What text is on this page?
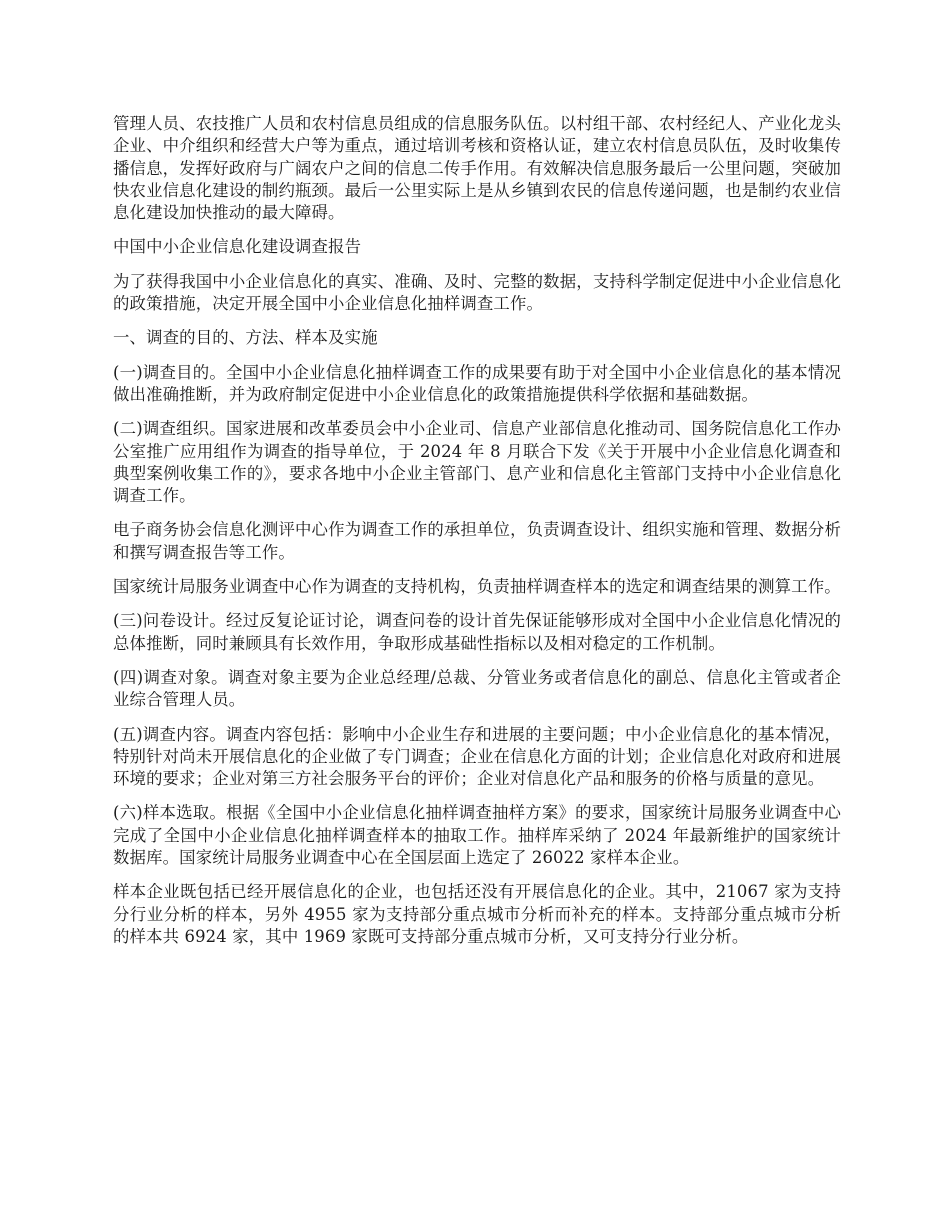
管理人员、农技推广人员和农村信息员组成的信息服务队伍。以村组干部、农村经纪人、产业化龙头企业、中介组织和经营大户等为重点，通过培训考核和资格认证，建立农村信息员队伍，及时收集传播信息，发挥好政府与广阔农户之间的信息二传手作用。有效解决信息服务最后一公里问题，突破加快农业信息化建设的制约瓶颈。最后一公里实际上是从乡镇到农民的信息传递问题，也是制约农业信息化建设加快推动的最大障碍。

中国中小企业信息化建设调查报告

为了获得我国中小企业信息化的真实、准确、及时、完整的数据，支持科学制定促进中小企业信息化的政策措施，决定开展全国中小企业信息化抽样调查工作。

一、调查的目的、方法、样本及实施

(一)调查目的。全国中小企业信息化抽样调查工作的成果要有助于对全国中小企业信息化的基本情况做出准确推断，并为政府制定促进中小企业信息化的政策措施提供科学依据和基础数据。

(二)调查组织。国家进展和改革委员会中小企业司、信息产业部信息化推动司、国务院信息化工作办公室推广应用组作为调查的指导单位，于 2024 年 8 月联合下发《关于开展中小企业信息化调查和典型案例收集工作的》，要求各地中小企业主管部门、息产业和信息化主管部门支持中小企业信息化调查工作。

电子商务协会信息化测评中心作为调查工作的承担单位，负责调查设计、组织实施和管理、数据分析和撰写调查报告等工作。

国家统计局服务业调查中心作为调查的支持机构，负责抽样调查样本的选定和调查结果的测算工作。

(三)问卷设计。经过反复论证讨论，调查问卷的设计首先保证能够形成对全国中小企业信息化情况的总体推断，同时兼顾具有长效作用，争取形成基础性指标以及相对稳定的工作机制。

(四)调查对象。调查对象主要为企业总经理/总裁、分管业务或者信息化的副总、信息化主管或者企业综合管理人员。

(五)调查内容。调查内容包括：影响中小企业生存和进展的主要问题；中小企业信息化的基本情况，特别针对尚未开展信息化的企业做了专门调查；企业在信息化方面的计划；企业信息化对政府和进展环境的要求；企业对第三方社会服务平台的评价；企业对信息化产品和服务的价格与质量的意见。

(六)样本选取。根据《全国中小企业信息化抽样调查抽样方案》的要求，国家统计局服务业调查中心完成了全国中小企业信息化抽样调查样本的抽取工作。抽样库采纳了 2024 年最新维护的国家统计数据库。国家统计局服务业调查中心在全国层面上选定了 26022 家样本企业。

样本企业既包括已经开展信息化的企业，也包括还没有开展信息化的企业。其中，21067 家为支持分行业分析的样本，另外 4955 家为支持部分重点城市分析而补充的样本。支持部分重点城市分析的样本共 6924 家，其中 1969 家既可支持部分重点城市分析，又可支持分行业分析。
